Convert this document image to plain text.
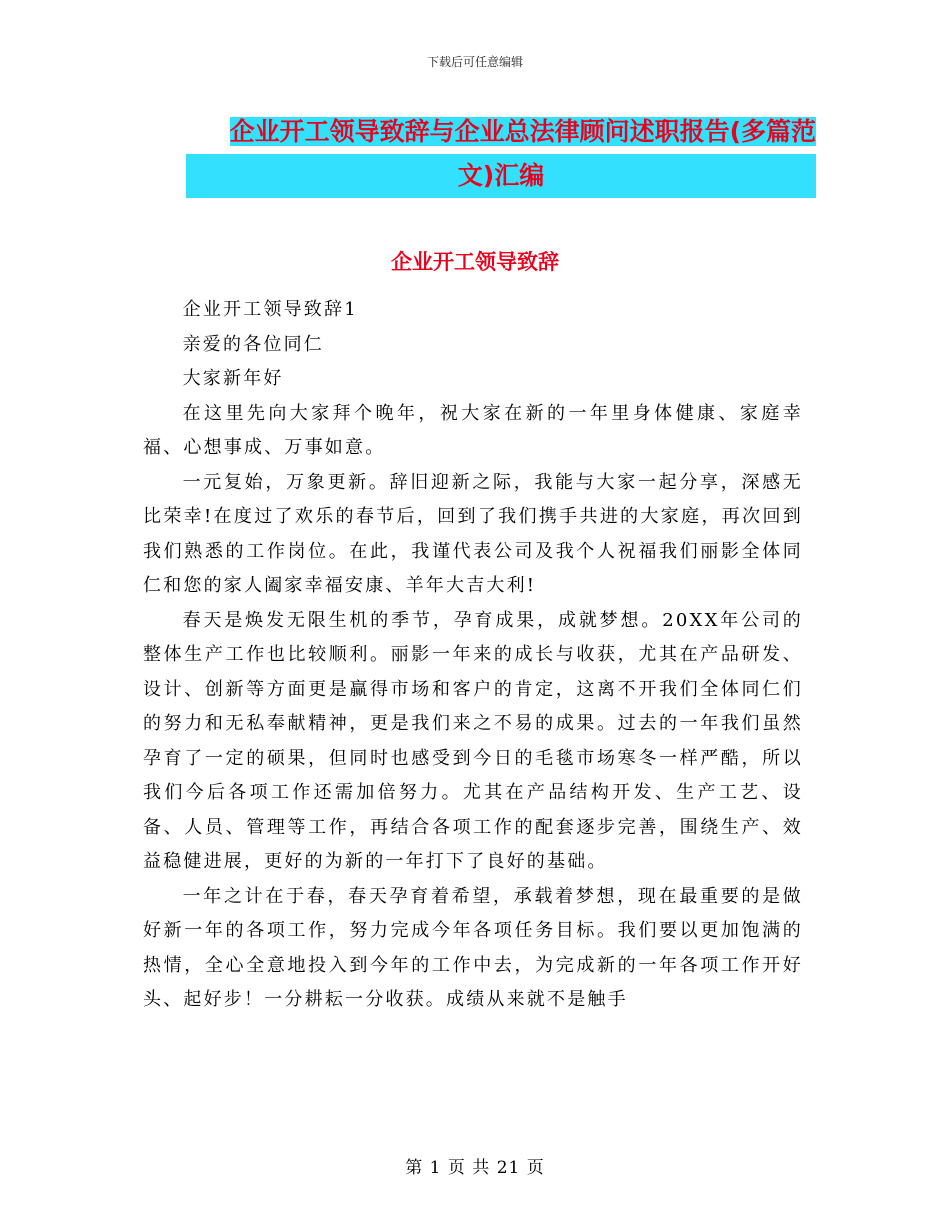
下载后可任意编辑
企业开工领导致辞与企业总法律顾问述职报告(多篇范
文)汇编
企业开工领导致辞

企业开工领导致辞1

亲爱的各位同仁

大家新年好

在这里先向大家拜个晚年，祝大家在新的一年里身体健康、家庭幸福、心想事成、万事如意。

一元复始，万象更新。辞旧迎新之际，我能与大家一起分享，深感无比荣幸!在度过了欢乐的春节后，回到了我们携手共进的大家庭，再次回到我们熟悉的工作岗位。在此，我谨代表公司及我个人祝福我们丽影全体同仁和您的家人阖家幸福安康、羊年大吉大利!

春天是焕发无限生机的季节，孕育成果，成就梦想。20XX年公司的整体生产工作也比较顺利。丽影一年来的成长与收获，尤其在产品研发、设计、创新等方面更是赢得市场和客户的肯定，这离不开我们全体同仁们的努力和无私奉献精神，更是我们来之不易的成果。过去的一年我们虽然孕育了一定的硕果，但同时也感受到今日的毛毯市场寒冬一样严酷，所以我们今后各项工作还需加倍努力。尤其在产品结构开发、生产工艺、设备、人员、管理等工作，再结合各项工作的配套逐步完善，围绕生产、效益稳健进展，更好的为新的一年打下了良好的基础。

一年之计在于春，春天孕育着希望，承载着梦想，现在最重要的是做好新一年的各项工作，努力完成今年各项任务目标。我们要以更加饱满的热情，全心全意地投入到今年的工作中去，为完成新的一年各项工作开好头、起好步！一分耕耘一分收获。成绩从来就不是触手

第 1 页 共 21 页
